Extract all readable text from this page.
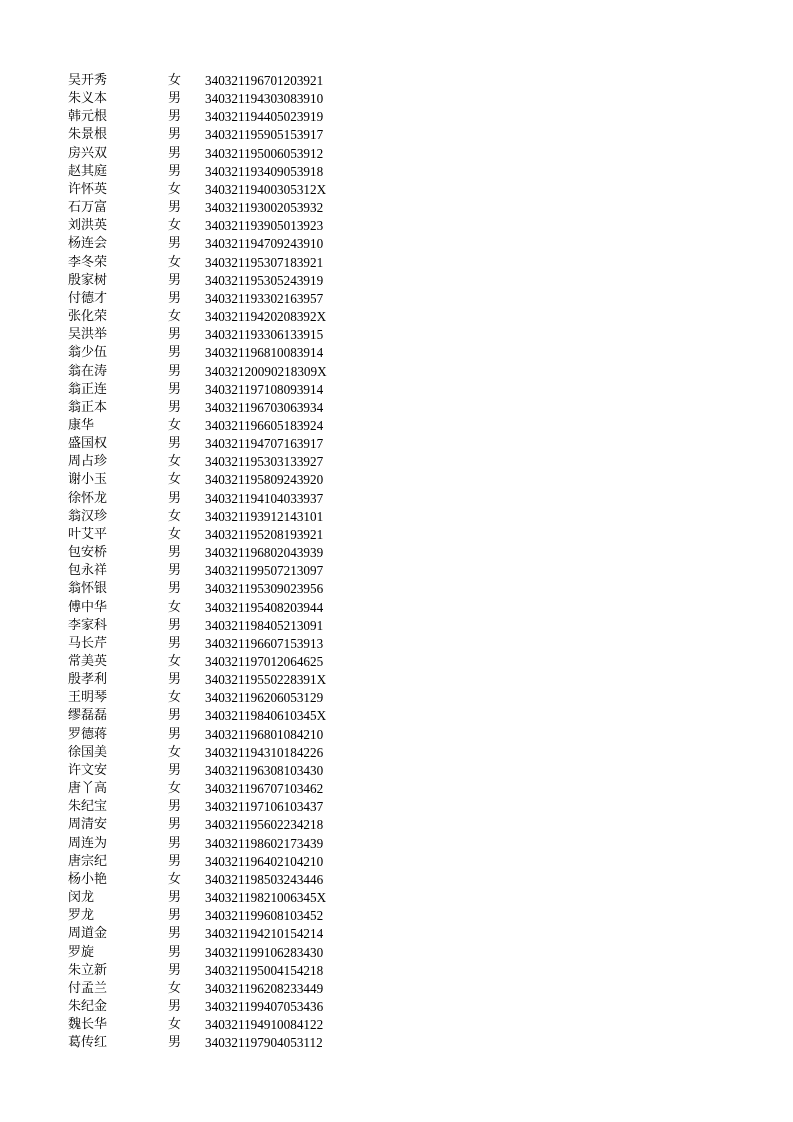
吴开秀	女 340321196701203921
朱义本	男 340321194303083910
韩元根	男 340321194405023919
朱景根	男 340321195905153917
房兴双	男 340321195006053912
赵其庭	男 340321193409053918
许怀英	女 34032119400305312X
石万富	男 340321193002053932
刘洪英	女 340321193905013923
杨连会	男 340321194709243910
李冬荣	女 340321195307183921
殷家树	男 340321195305243919
付德才	男 340321193302163957
张化荣	女 34032119420208392X
吴洪举	男 340321193306133915
翁少伍	男 340321196810083914
翁在涛	男 34032120090218309X
翁正连	男 340321197108093914
翁正本	男 340321196703063934
康华	女 340321196605183924
盛国权	男 340321194707163917
周占珍	女 340321195303133927
谢小玉	女 340321195809243920
徐怀龙	男 340321194104033937
翁汉珍	女 340321193912143101
叶艾平	女 340321195208193921
包安桥	男 340321196802043939
包永祥	男 340321199507213097
翁怀银	男 340321195309023956
傅中华	女 340321195408203944
李家科	男 340321198405213091
马长芹	男 340321196607153913
常美英	女 340321197012064625
殷孝利	男 34032119550228391X
王明琴	女 340321196206053129
缪磊磊	男 34032119840610345X
罗德蒋	男 340321196801084210
徐国美	女 340321194310184226
许文安	男 340321196308103430
唐丫高	女 340321196707103462
朱纪宝	男 340321197106103437
周清安	男 340321195602234218
周连为	男 340321198602173439
唐宗纪	男 340321196402104210
杨小艳	女 340321198503243446
闵龙	男 34032119821006345X
罗龙	男 340321199608103452
周道金	男 340321194210154214
罗旋	男 340321199106283430
朱立新	男 340321195004154218
付孟兰	女 340321196208233449
朱纪金	男 340321199407053436
魏长华	女 340321194910084122
葛传红	男 340321197904053112
